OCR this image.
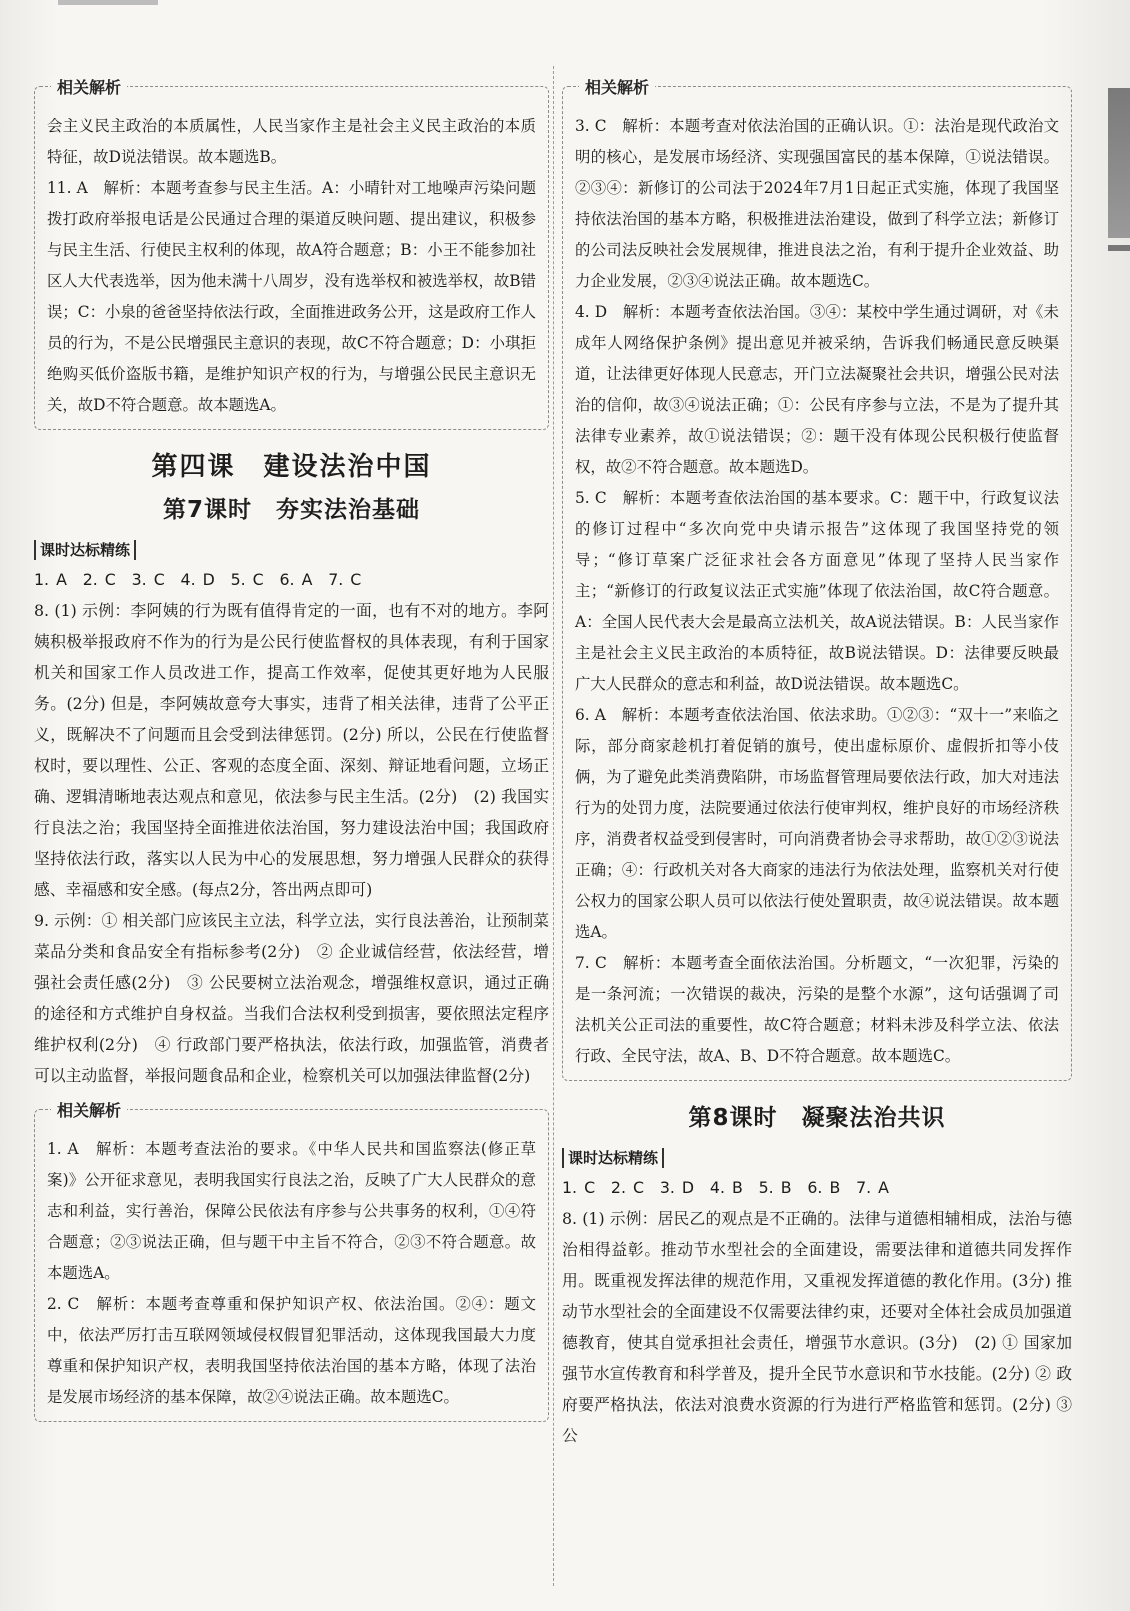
相关解析

会主义民主政治的本质属性，人民当家作主是社会主义民主政治的本质特征，故D说法错误。故本题选B。

11. A　解析：本题考查参与民主生活。A：小晴针对工地噪声污染问题拨打政府举报电话是公民通过合理的渠道反映问题、提出建议，积极参与民主生活、行使民主权利的体现，故A符合题意；B：小王不能参加社区人大代表选举，因为他未满十八周岁，没有选举权和被选举权，故B错误；C：小泉的爸爸坚持依法行政，全面推进政务公开，这是政府工作人员的行为，不是公民增强民主意识的表现，故C不符合题意；D：小琪拒绝购买低价盗版书籍，是维护知识产权的行为，与增强公民民主意识无关，故D不符合题意。故本题选A。

第四课　建设法治中国
第7课时　夯实法治基础
课时达标精练
1. A　2. C　3. C　4. D　5. C　6. A　7. C

8. (1) 示例：李阿姨的行为既有值得肯定的一面，也有不对的地方。李阿姨积极举报政府不作为的行为是公民行使监督权的具体表现，有利于国家机关和国家工作人员改进工作，提高工作效率，促使其更好地为人民服务。(2分) 但是，李阿姨故意夸大事实，违背了相关法律，违背了公平正义，既解决不了问题而且会受到法律惩罚。(2分) 所以，公民在行使监督权时，要以理性、公正、客观的态度全面、深刻、辩证地看问题，立场正确、逻辑清晰地表达观点和意见，依法参与民主生活。(2分)　(2) 我国实行良法之治；我国坚持全面推进依法治国，努力建设法治中国；我国政府坚持依法行政，落实以人民为中心的发展思想，努力增强人民群众的获得感、幸福感和安全感。(每点2分，答出两点即可)

9. 示例：① 相关部门应该民主立法，科学立法，实行良法善治，让预制菜菜品分类和食品安全有指标参考(2分)　② 企业诚信经营，依法经营，增强社会责任感(2分)　③ 公民要树立法治观念，增强维权意识，通过正确的途径和方式维护自身权益。当我们合法权利受到损害，要依照法定程序维护权利(2分)　④ 行政部门要严格执法，依法行政，加强监管，消费者可以主动监督，举报问题食品和企业，检察机关可以加强法律监督(2分)

相关解析

1. A　解析：本题考查法治的要求。《中华人民共和国监察法(修正草案)》公开征求意见，表明我国实行良法之治，反映了广大人民群众的意志和利益，实行善治，保障公民依法有序参与公共事务的权利，①④符合题意；②③说法正确，但与题干中主旨不符合，②③不符合题意。故本题选A。

2. C　解析：本题考查尊重和保护知识产权、依法治国。②④：题文中，依法严厉打击互联网领域侵权假冒犯罪活动，这体现我国最大力度尊重和保护知识产权，表明我国坚持依法治国的基本方略，体现了法治是发展市场经济的基本保障，故②④说法正确。故本题选C。

相关解析

3. C　解析：本题考查对依法治国的正确认识。①：法治是现代政治文明的核心，是发展市场经济、实现强国富民的基本保障，①说法错误。②③④：新修订的公司法于2024年7月1日起正式实施，体现了我国坚持依法治国的基本方略，积极推进法治建设，做到了科学立法；新修订的公司法反映社会发展规律，推进良法之治，有利于提升企业效益、助力企业发展，②③④说法正确。故本题选C。

4. D　解析：本题考查依法治国。③④：某校中学生通过调研，对《未成年人网络保护条例》提出意见并被采纳，告诉我们畅通民意反映渠道，让法律更好体现人民意志，开门立法凝聚社会共识，增强公民对法治的信仰，故③④说法正确；①：公民有序参与立法，不是为了提升其法律专业素养，故①说法错误；②：题干没有体现公民积极行使监督权，故②不符合题意。故本题选D。

5. C　解析：本题考查依法治国的基本要求。C：题干中，行政复议法的修订过程中“多次向党中央请示报告”这体现了我国坚持党的领导；“修订草案广泛征求社会各方面意见”体现了坚持人民当家作主；“新修订的行政复议法正式实施”体现了依法治国，故C符合题意。A：全国人民代表大会是最高立法机关，故A说法错误。B：人民当家作主是社会主义民主政治的本质特征，故B说法错误。D：法律要反映最广大人民群众的意志和利益，故D说法错误。故本题选C。

6. A　解析：本题考查依法治国、依法求助。①②③：“双十一”来临之际，部分商家趁机打着促销的旗号，使出虚标原价、虚假折扣等小伎俩，为了避免此类消费陷阱，市场监督管理局要依法行政，加大对违法行为的处罚力度，法院要通过依法行使审判权，维护良好的市场经济秩序，消费者权益受到侵害时，可向消费者协会寻求帮助，故①②③说法正确；④：行政机关对各大商家的违法行为依法处理，监察机关对行使公权力的国家公职人员可以依法行使处置职责，故④说法错误。故本题选A。

7. C　解析：本题考查全面依法治国。分析题文，“一次犯罪，污染的是一条河流；一次错误的裁决，污染的是整个水源”，这句话强调了司法机关公正司法的重要性，故C符合题意；材料未涉及科学立法、依法行政、全民守法，故A、B、D不符合题意。故本题选C。

第8课时　凝聚法治共识
课时达标精练
1. C　2. C　3. D　4. B　5. B　6. B　7. A

8. (1) 示例：居民乙的观点是不正确的。法律与道德相辅相成，法治与德治相得益彰。推动节水型社会的全面建设，需要法律和道德共同发挥作用。既重视发挥法律的规范作用，又重视发挥道德的教化作用。(3分) 推动节水型社会的全面建设不仅需要法律约束，还要对全体社会成员加强道德教育，使其自觉承担社会责任，增强节水意识。(3分)　(2) ① 国家加强节水宣传教育和科学普及，提升全民节水意识和节水技能。(2分) ② 政府要严格执法，依法对浪费水资源的行为进行严格监管和惩罚。(2分) ③ 公
